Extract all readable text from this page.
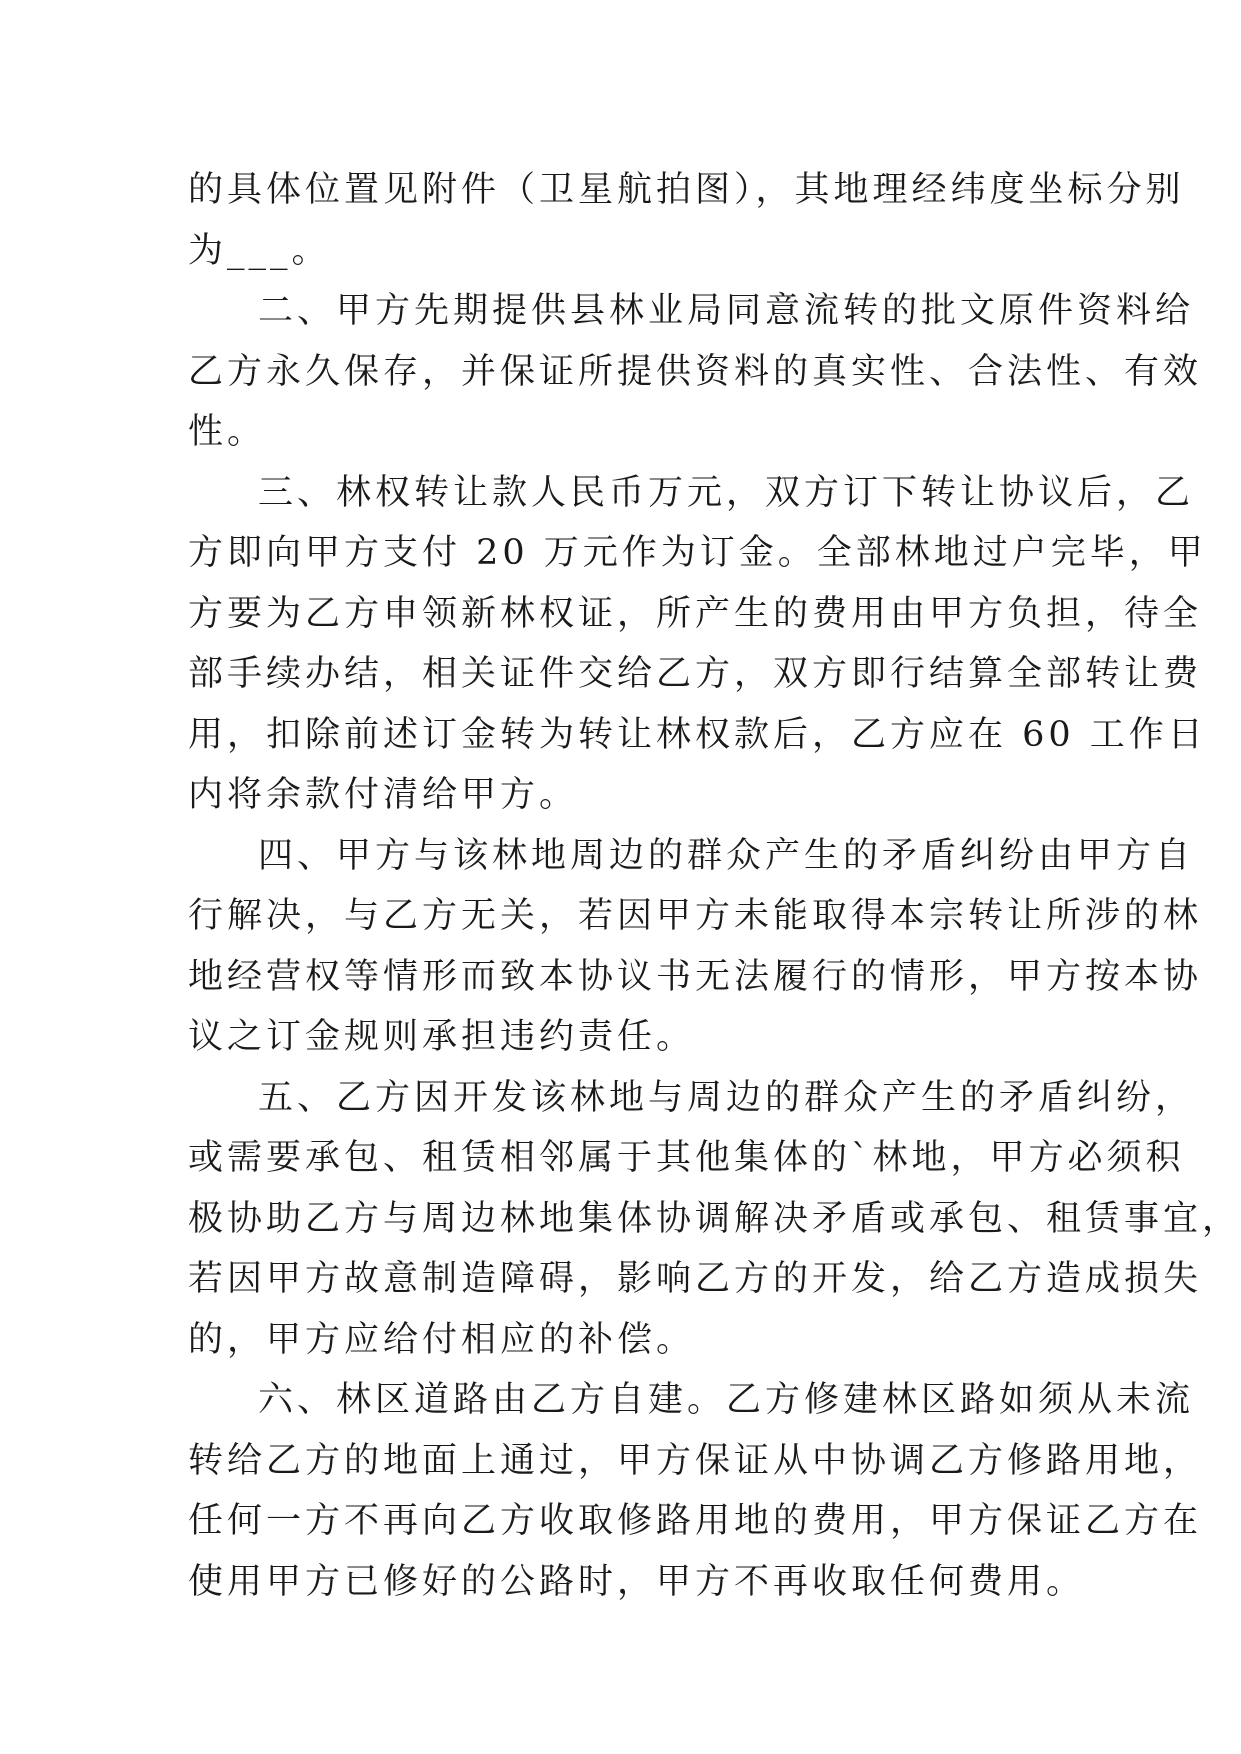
的具体位置见附件（卫星航拍图），其地理经纬度坐标分别
为___。

二、甲方先期提供县林业局同意流转的批文原件资料给
乙方永久保存，并保证所提供资料的真实性、合法性、有效
性。

三、林权转让款人民币万元，双方订下转让协议后，乙
方即向甲方支付 20 万元作为订金。全部林地过户完毕，甲
方要为乙方申领新林权证，所产生的费用由甲方负担，待全
部手续办结，相关证件交给乙方，双方即行结算全部转让费
用，扣除前述订金转为转让林权款后，乙方应在 60 工作日
内将余款付清给甲方。

四、甲方与该林地周边的群众产生的矛盾纠纷由甲方自
行解决，与乙方无关，若因甲方未能取得本宗转让所涉的林
地经营权等情形而致本协议书无法履行的情形，甲方按本协
议之订金规则承担违约责任。

五、乙方因开发该林地与周边的群众产生的矛盾纠纷，
或需要承包、租赁相邻属于其他集体的`林地，甲方必须积
极协助乙方与周边林地集体协调解决矛盾或承包、租赁事宜，
若因甲方故意制造障碍，影响乙方的开发，给乙方造成损失
的，甲方应给付相应的补偿。

六、林区道路由乙方自建。乙方修建林区路如须从未流
转给乙方的地面上通过，甲方保证从中协调乙方修路用地，
任何一方不再向乙方收取修路用地的费用，甲方保证乙方在
使用甲方已修好的公路时，甲方不再收取任何费用。
